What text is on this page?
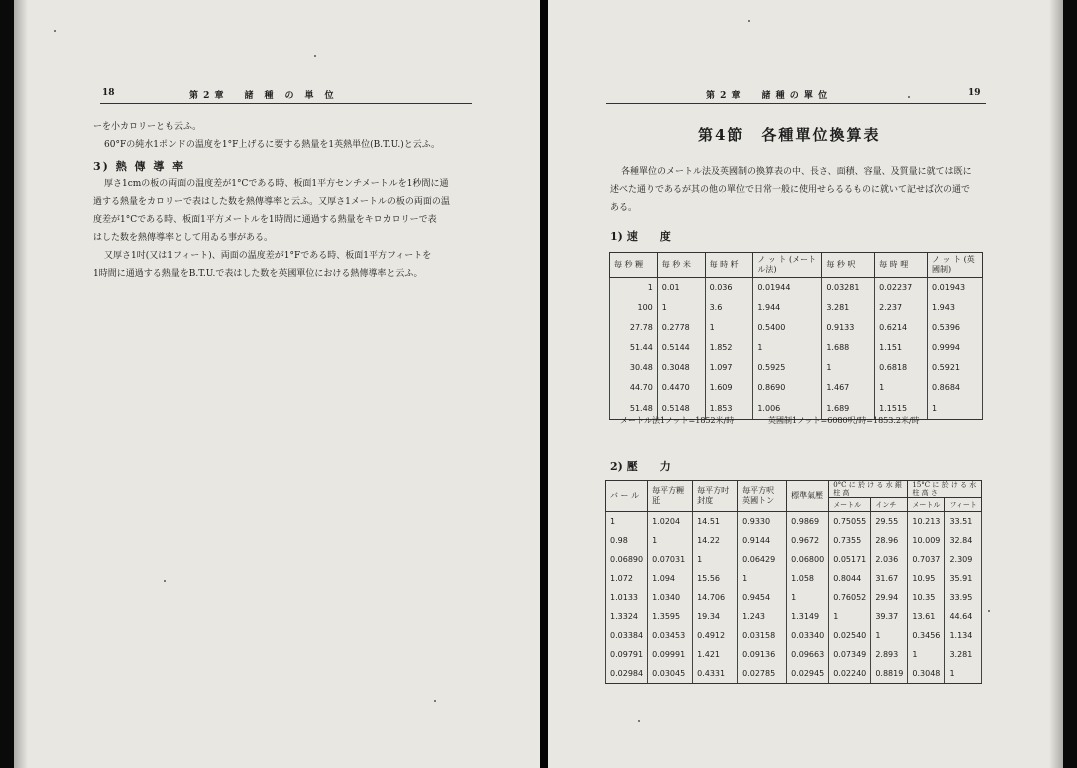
18	第 2 章　　諸　種　の　単　位
ーを小カロリーとも云ふ。
60°Fの純水1ポンドの温度を1°F上げるに要する熱量を1英熱単位(B.T.U.)と云ふ。
3) 熱 傳 導 率
厚さ1cmの板の両面の温度差が1°Cである時、板面1平方センチメートルを1秒間に通
過する熱量をカロリーで表はした数を熱傳導率と云ふ。又厚さ1メートルの板の両面の温
度差が1°Cである時、板面1平方メートルを1時間に通過する熱量をキロカロリーで表
はした数を熱傳導率として用ゐる事がある。
又厚さ1吋(又は1フィート)、両面の温度差が1°Fである時、板面1平方フィートを
1時間に通過する熱量をB.T.U.で表はした数を英國單位における熱傳導率と云ふ。
第 2 章　　諸 種 の 單 位	19
第4節　各種單位換算表
各種單位のメートル法及英國制の換算表の中、長さ、面積、容量、及質量に就ては既に
述べた通りであるが其の他の單位で日常一般に使用せらるるものに就いて記せば次の通で
ある。
1) 速　　度
毎 秒 糎	毎 秒 米	毎 時 粁	ノ ッ ト (メートル法)	毎 秒 呎	毎 時 哩	ノ ッ ト (英國制)
1	0.01	0.036	0.01944	0.03281	0.02237	0.01943
100	1	3.6	1.944	3.281	2.237	1.943
27.78	0.2778	1	0.5400	0.9133	0.6214	0.5396
51.44	0.5144	1.852	1	1.688	1.151	0.9994
30.48	0.3048	1.097	0.5925	1	0.6818	0.5921
44.70	0.4470	1.609	0.8690	1.467	1	0.8684
51.48	0.5148	1.853	1.006	1.689	1.1515	1
メートル法1ノット=1852米/時	英國制1ノット=6080呎/時=1853.2米/時
2) 壓　　力
バ ー ル	毎平方糎 瓩	毎平方吋 封度	毎平方呎 英國トン	標準氣壓	0°C に 於 け る 水 銀 柱 高		15°C に 於 け る 水 柱 高 さ	
					メートル	インチ	メートル	フィート
1	1.0204	14.51	0.9330	0.9869	0.75055	29.55	10.213	33.51
0.98	1	14.22	0.9144	0.9672	0.7355	28.96	10.009	32.84
0.06890	0.07031	1	0.06429	0.06800	0.05171	2.036	0.7037	2.309
1.072	1.094	15.56	1	1.058	0.8044	31.67	10.95	35.91
1.0133	1.0340	14.706	0.9454	1	0.76052	29.94	10.35	33.95
1.3324	1.3595	19.34	1.243	1.3149	1	39.37	13.61	44.64
0.03384	0.03453	0.4912	0.03158	0.03340	0.02540	1	0.3456	1.134
0.09791	0.09991	1.421	0.09136	0.09663	0.07349	2.893	1	3.281
0.02984	0.03045	0.4331	0.02785	0.02945	0.02240	0.8819	0.3048	1
